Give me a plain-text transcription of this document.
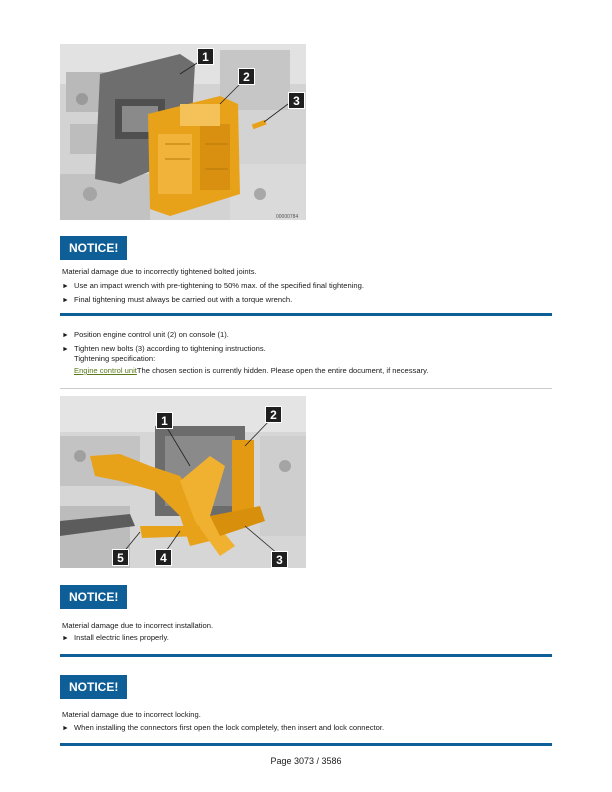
1
2
3
00000784
NOTICE!
Material damage due to incorrectly tightened bolted joints.
► Use an impact wrench with pre-tightening to 50% max. of the specified final tightening.
► Final tightening must always be carried out with a torque wrench.
► Position engine control unit (2) on console (1).
► Tighten new bolts (3) according to tightening instructions.
Tightening specification:
Engine control unitThe chosen section is currently hidden. Please open the entire document, if necessary.
1	2
3
4
5
NOTICE!
Material damage due to incorrect installation.
► Install electric lines properly.
NOTICE!
Material damage due to incorrect locking.
► When installing the connectors first open the lock completely, then insert and lock connector.
Page 3073 / 3586
